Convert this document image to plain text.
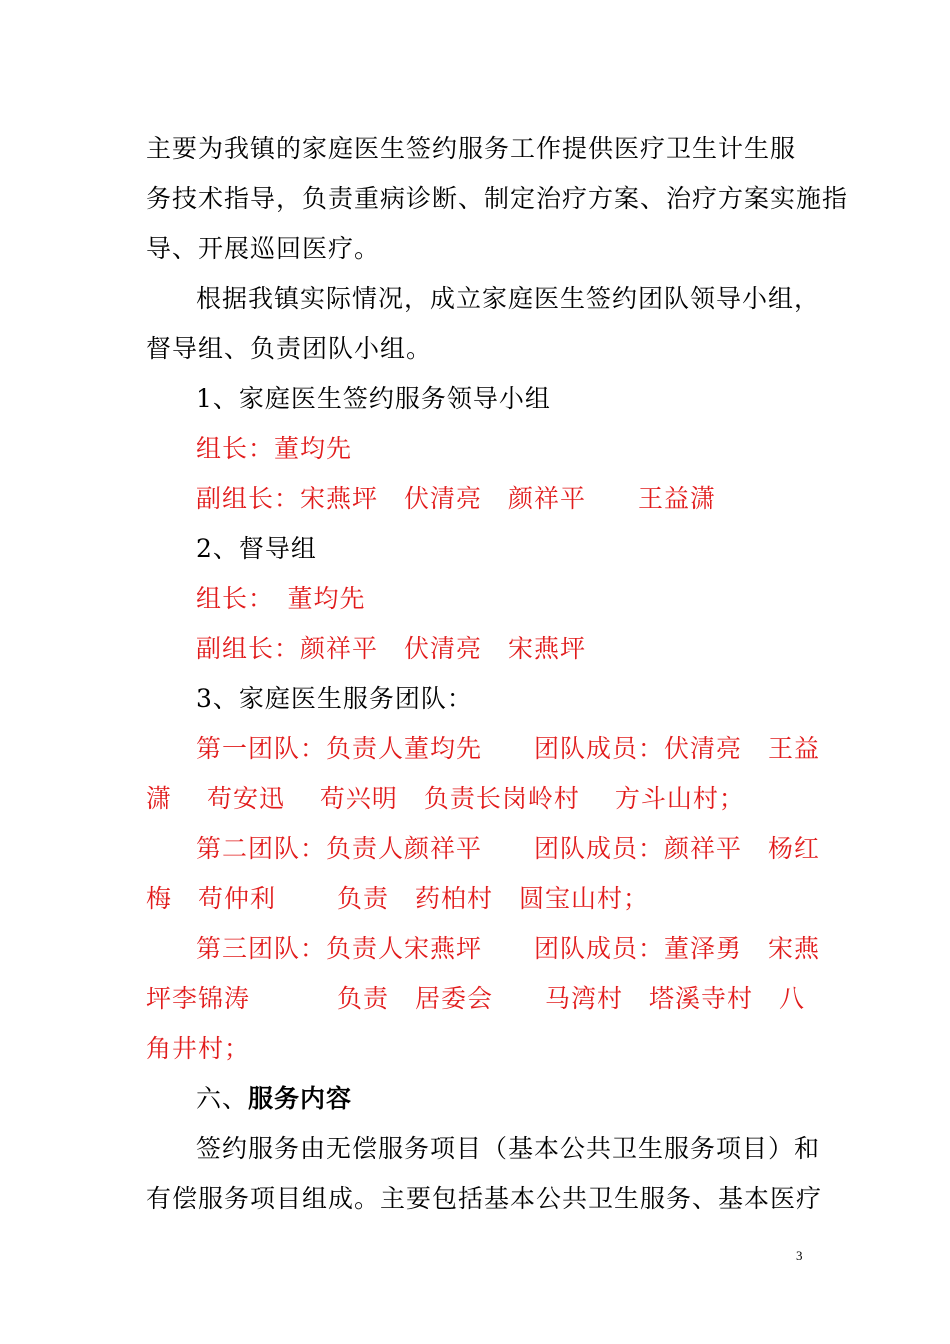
主要为我镇的家庭医生签约服务工作提供医疗卫生计生服
务技术指导，负责重病诊断、制定治疗方案、治疗方案实施指
导、开展巡回医疗。
根据我镇实际情况，成立家庭医生签约团队领导小组，
督导组、负责团队小组。
1、家庭医生签约服务领导小组
组长：董均先
副组长：宋燕坪　伏清亮　颜祥平　　王益潇
2、督导组
组长：　董均先
副组长：颜祥平　伏清亮　宋燕坪
3、家庭医生服务团队：
第一团队：负责人董均先　　团队成员：伏清亮　王益
潇　 苟安迅　 苟兴明　负责长岗岭村　 方斗山村；
第二团队：负责人颜祥平　　团队成员：颜祥平　杨红
梅　苟仲利　　 负责　药柏村　圆宝山村；
第三团队：负责人宋燕坪　　团队成员：董泽勇　宋燕
坪李锦涛　　　 负责　居委会　　马湾村　塔溪寺村　八
角井村；
六、服务内容
签约服务由无偿服务项目（基本公共卫生服务项目）和
有偿服务项目组成。主要包括基本公共卫生服务、基本医疗
3
